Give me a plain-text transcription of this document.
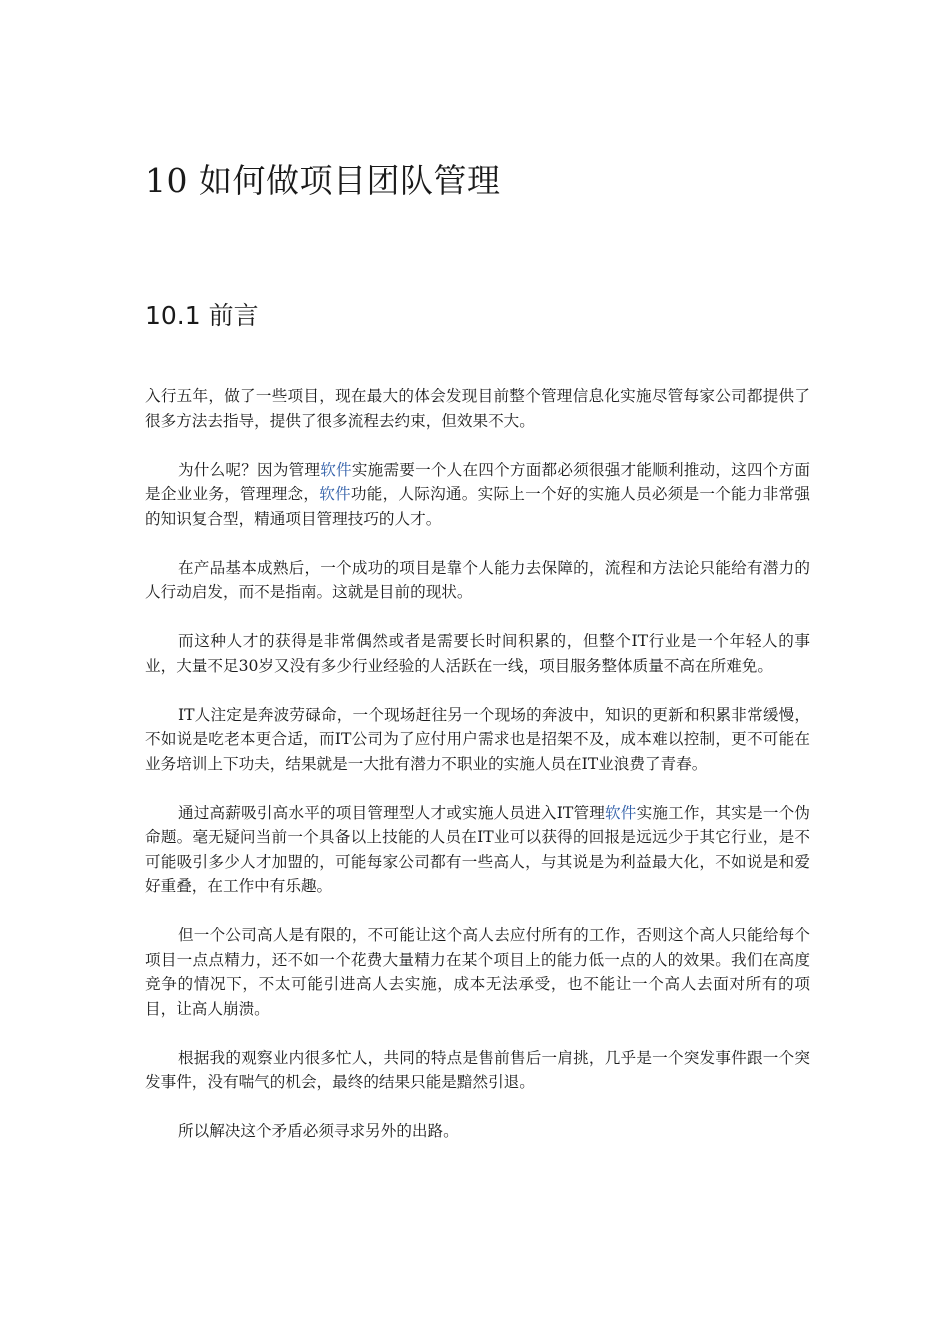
10 如何做项目团队管理
10.1 前言

入行五年，做了一些项目，现在最大的体会发现目前整个管理信息化实施尽管每家公司都提供了很多方法去指导，提供了很多流程去约束，但效果不大。

为什么呢？因为管理软件实施需要一个人在四个方面都必须很强才能顺利推动，这四个方面是企业业务，管理理念，软件功能，人际沟通。实际上一个好的实施人员必须是一个能力非常强的知识复合型，精通项目管理技巧的人才。

在产品基本成熟后，一个成功的项目是靠个人能力去保障的，流程和方法论只能给有潜力的人行动启发，而不是指南。这就是目前的现状。

而这种人才的获得是非常偶然或者是需要长时间积累的，但整个IT行业是一个年轻人的事业，大量不足30岁又没有多少行业经验的人活跃在一线，项目服务整体质量不高在所难免。

IT人注定是奔波劳碌命，一个现场赶往另一个现场的奔波中，知识的更新和积累非常缓慢，不如说是吃老本更合适，而IT公司为了应付用户需求也是招架不及，成本难以控制，更不可能在业务培训上下功夫，结果就是一大批有潜力不职业的实施人员在IT业浪费了青春。

通过高薪吸引高水平的项目管理型人才或实施人员进入IT管理软件实施工作，其实是一个伪命题。毫无疑问当前一个具备以上技能的人员在IT业可以获得的回报是远远少于其它行业，是不可能吸引多少人才加盟的，可能每家公司都有一些高人，与其说是为利益最大化，不如说是和爱好重叠，在工作中有乐趣。

但一个公司高人是有限的，不可能让这个高人去应付所有的工作，否则这个高人只能给每个项目一点点精力，还不如一个花费大量精力在某个项目上的能力低一点的人的效果。我们在高度竞争的情况下，不太可能引进高人去实施，成本无法承受，也不能让一个高人去面对所有的项目，让高人崩溃。

根据我的观察业内很多忙人，共同的特点是售前售后一肩挑，几乎是一个突发事件跟一个突发事件，没有喘气的机会，最终的结果只能是黯然引退。

所以解决这个矛盾必须寻求另外的出路。
